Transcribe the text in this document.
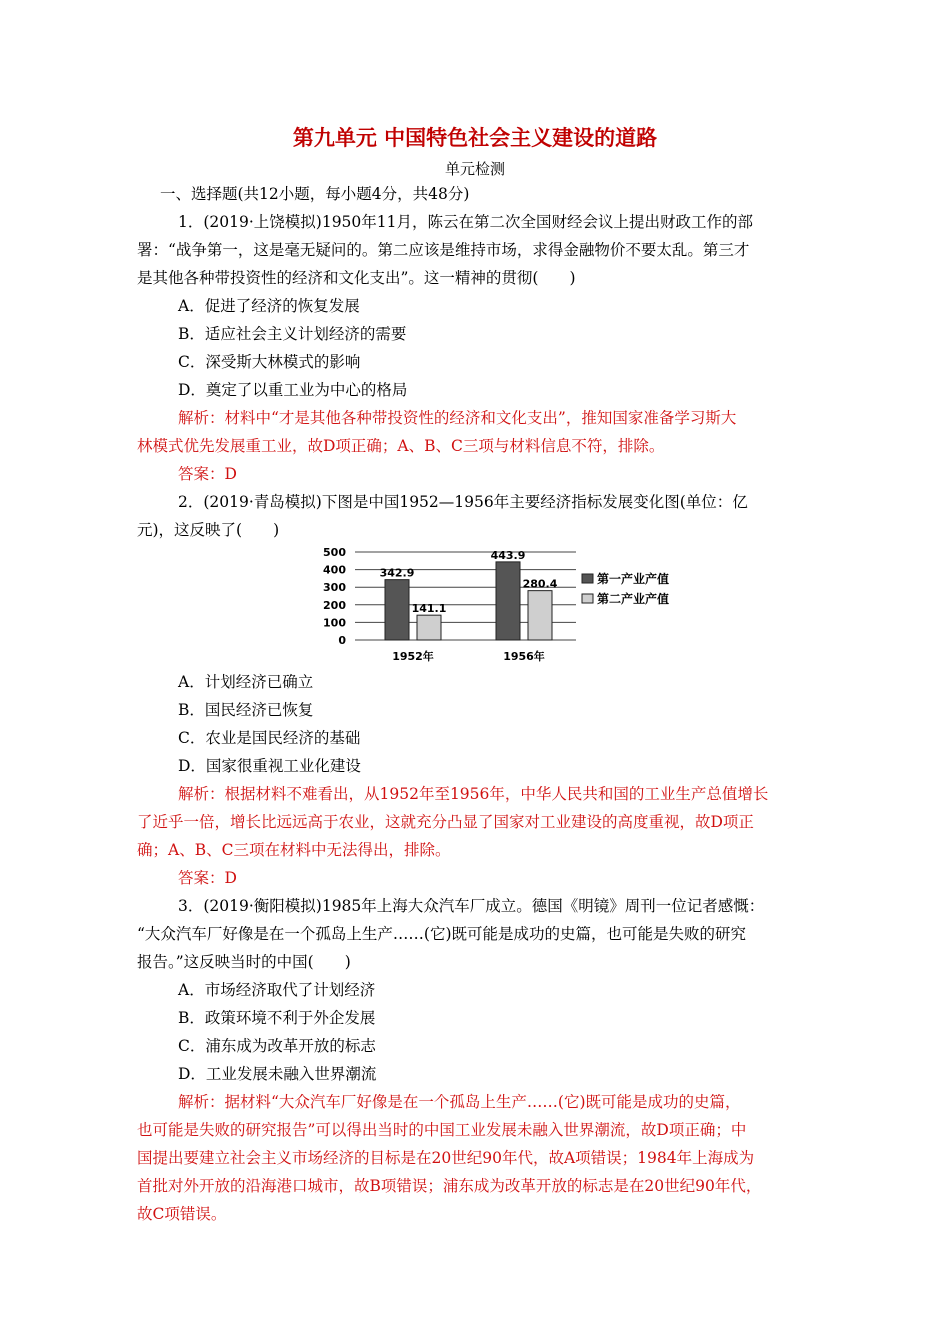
第九单元 中国特色社会主义建设的道路
单元检测
一、选择题(共12小题，每小题4分，共48分)
1．(2019·上饶模拟)1950年11月，陈云在第二次全国财经会议上提出财政工作的部
署：“战争第一，这是毫无疑问的。第二应该是维持市场，求得金融物价不要太乱。第三才
是其他各种带投资性的经济和文化支出”。这一精神的贯彻(　　)
A．促进了经济的恢复发展
B．适应社会主义计划经济的需要
C．深受斯大林模式的影响
D．奠定了以重工业为中心的格局
解析：材料中“才是其他各种带投资性的经济和文化支出”，推知国家准备学习斯大
林模式优先发展重工业，故D项正确；A、B、C三项与材料信息不符，排除。
答案：D
2．(2019·青岛模拟)下图是中国1952—1956年主要经济指标发展变化图(单位：亿
元)，这反映了(　　)
0
100
200
300
400
500
342.9
141.1
443.9
280.4
1952年	1956年
第一产业产值
第二产业产值
A．计划经济已确立
B．国民经济已恢复
C．农业是国民经济的基础
D．国家很重视工业化建设
解析：根据材料不难看出，从1952年至1956年，中华人民共和国的工业生产总值增长
了近乎一倍，增长比远远高于农业，这就充分凸显了国家对工业建设的高度重视，故D项正
确；A、B、C三项在材料中无法得出，排除。
答案：D
3．(2019·衡阳模拟)1985年上海大众汽车厂成立。德国《明镜》周刊一位记者感慨：
“大众汽车厂好像是在一个孤岛上生产……(它)既可能是成功的史篇，也可能是失败的研究
报告。”这反映当时的中国(　　)
A．市场经济取代了计划经济
B．政策环境不利于外企发展
C．浦东成为改革开放的标志
D．工业发展未融入世界潮流
解析：据材料“大众汽车厂好像是在一个孤岛上生产……(它)既可能是成功的史篇，
也可能是失败的研究报告”可以得出当时的中国工业发展未融入世界潮流，故D项正确；中
国提出要建立社会主义市场经济的目标是在20世纪90年代，故A项错误；1984年上海成为
首批对外开放的沿海港口城市，故B项错误；浦东成为改革开放的标志是在20世纪90年代，
故C项错误。
